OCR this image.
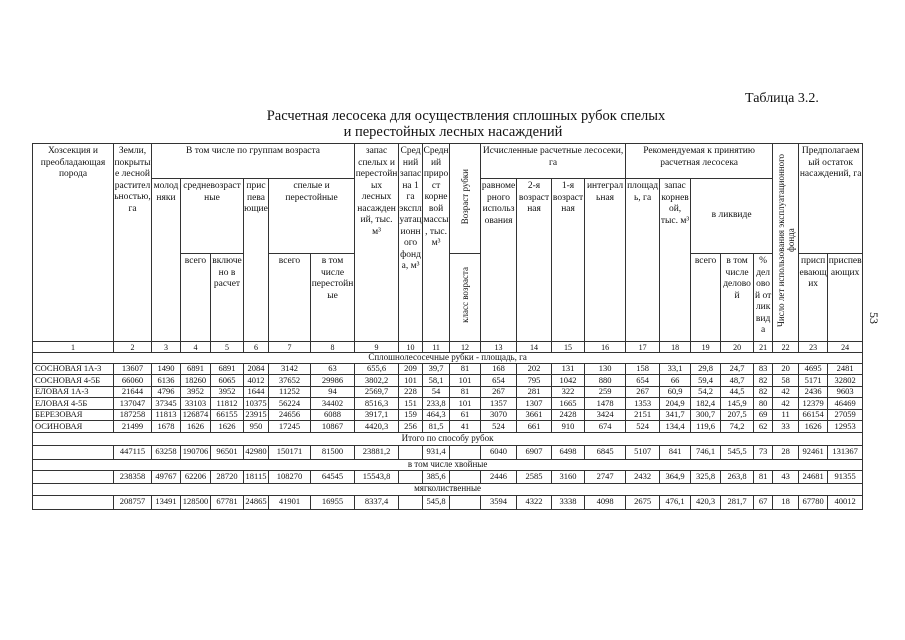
Таблица 3.2.
Расчетная лесосека для осуществления сплошных рубок спелых
и перестойных лесных насаждений
53
Хозсекция и преобладающая порода	Земли, покрытые лесной растительностью, га	В том числе по группам возраста						запас спелых и перестойных лесных насаждений, тыс. м³	Средний запас на 1 га эксплуатационного фонда, м³	Средний прирост корневой массы, тыс. м³	Возраст рубки	Исчисленные расчетные лесосеки, га				Рекомендуемая к принятию расчетная лесосека					Число лет использования эксплуатационного фонда	Предполагаемый остаток насаждений, га	
		молодняки	средневозрастные		приспевающие	спелые и перестойные						равномерного использования	2-я возрастная	1-я возрастная	интегральная	площадь, га	запас корневой, тыс. м³	в ликвиде					
			всего	включено в расчет		всего	в том числе перестойные				класс возраста							всего	в том числе деловой	% деловой от ликвида		приспевающих	приспевающих
1	2	3	4	5	6	7	8	9	10	11	12	13	14	15	16	17	18	19	20	21	22	23	24
Сплошнолесосечные рубки - площадь, га																							
СОСНОВАЯ 1А-3	13607	1490	6891	6891	2084	3142	63	655,6	209	39,7	81	168	202	131	130	158	33,1	29,8	24,7	83	20	4695	2481
СОСНОВАЯ 4-5Б	66060	6136	18260	6065	4012	37652	29986	3802,2	101	58,1	101	654	795	1042	880	654	66	59,4	48,7	82	58	5171	32802
ЕЛОВАЯ 1А-3	21644	4796	3952	3952	1644	11252	94	2569,7	228	54	81	267	281	322	259	267	60,9	54,2	44,5	82	42	2436	9603
ЕЛОВАЯ 4-5Б	137047	37345	33103	11812	10375	56224	34402	8516,3	151	233,8	101	1357	1307	1665	1478	1353	204,9	182,4	145,9	80	42	12379	46469
БЕРЕЗОВАЯ	187258	11813	126874	66155	23915	24656	6088	3917,1	159	464,3	61	3070	3661	2428	3424	2151	341,7	300,7	207,5	69	11	66154	27059
ОСИНОВАЯ	21499	1678	1626	1626	950	17245	10867	4420,3	256	81,5	41	524	661	910	674	524	134,4	119,6	74,2	62	33	1626	12953
Итого по способу рубок																							
	447115	63258	190706	96501	42980	150171	81500	23881,2		931,4		6040	6907	6498	6845	5107	841	746,1	545,5	73	28	92461	131367
в том числе хвойные																							
	238358	49767	62206	28720	18115	108270	64545	15543,8		385,6		2446	2585	3160	2747	2432	364,9	325,8	263,8	81	43	24681	91355
мягколиственные																							
	208757	13491	128500	67781	24865	41901	16955	8337,4		545,8		3594	4322	3338	4098	2675	476,1	420,3	281,7	67	18	67780	40012
